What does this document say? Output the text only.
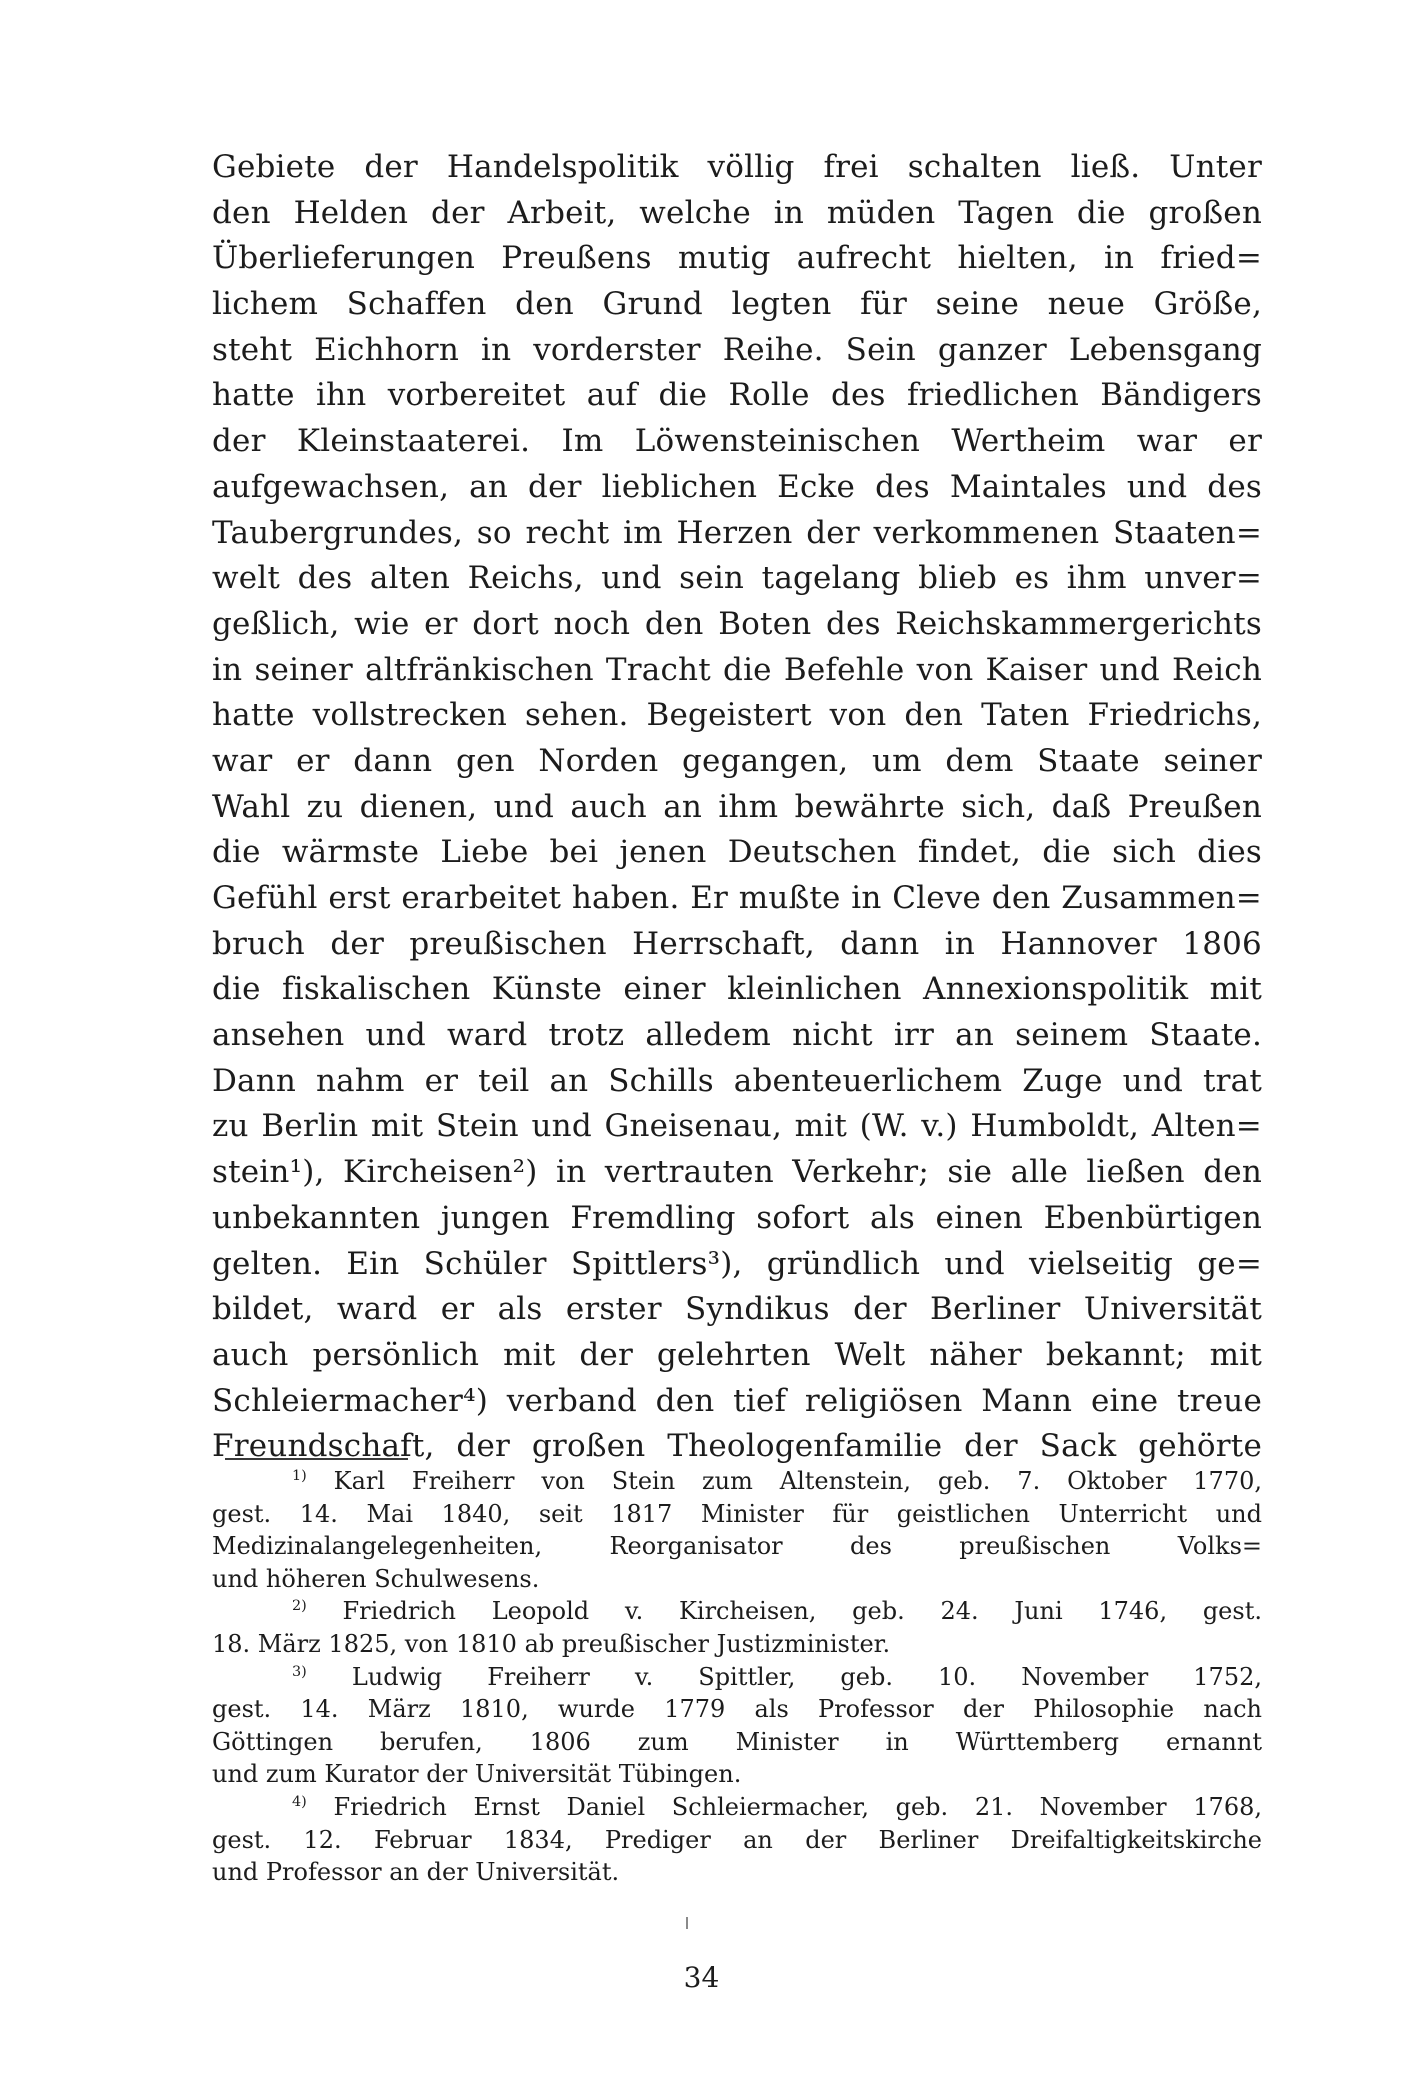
Gebiete der Handelspolitik völlig frei schalten ließ. Unter
den Helden der Arbeit, welche in müden Tagen die großen
Überlieferungen Preußens mutig aufrecht hielten, in fried=
lichem Schaffen den Grund legten für seine neue Größe,
steht Eichhorn in vorderster Reihe. Sein ganzer Lebensgang
hatte ihn vorbereitet auf die Rolle des friedlichen Bändigers
der Kleinstaaterei. Im Löwensteinischen Wertheim war er
aufgewachsen, an der lieblichen Ecke des Maintales und des
Taubergrundes, so recht im Herzen der verkommenen Staaten=
welt des alten Reichs, und sein tagelang blieb es ihm unver=
geßlich, wie er dort noch den Boten des Reichskammergerichts
in seiner altfränkischen Tracht die Befehle von Kaiser und Reich
hatte vollstrecken sehen. Begeistert von den Taten Friedrichs,
war er dann gen Norden gegangen, um dem Staate seiner
Wahl zu dienen, und auch an ihm bewährte sich, daß Preußen
die wärmste Liebe bei jenen Deutschen findet, die sich dies
Gefühl erst erarbeitet haben. Er mußte in Cleve den Zusammen=
bruch der preußischen Herrschaft, dann in Hannover 1806
die fiskalischen Künste einer kleinlichen Annexionspolitik mit
ansehen und ward trotz alledem nicht irr an seinem Staate.
Dann nahm er teil an Schills abenteuerlichem Zuge und trat
zu Berlin mit Stein und Gneisenau, mit (W. v.) Humboldt, Alten=
stein¹), Kircheisen²) in vertrauten Verkehr; sie alle ließen den
unbekannten jungen Fremdling sofort als einen Ebenbürtigen
gelten. Ein Schüler Spittlers³), gründlich und vielseitig ge=
bildet, ward er als erster Syndikus der Berliner Universität
auch persönlich mit der gelehrten Welt näher bekannt; mit
Schleiermacher⁴) verband den tief religiösen Mann eine treue
Freundschaft, der großen Theologenfamilie der Sack gehörte
$^{1)}$ Karl Freiherr von Stein zum Altenstein, geb. 7. Oktober 1770,
gest. 14. Mai 1840, seit 1817 Minister für geistlichen Unterricht und
Medizinalangelegenheiten, Reorganisator des preußischen Volks=
und höheren Schulwesens.
$^{2)}$ Friedrich Leopold v. Kircheisen, geb. 24. Juni 1746, gest.
18. März 1825, von 1810 ab preußischer Justizminister.
$^{3)}$ Ludwig Freiherr v. Spittler, geb. 10. November 1752,
gest. 14. März 1810, wurde 1779 als Professor der Philosophie nach
Göttingen berufen, 1806 zum Minister in Württemberg ernannt
und zum Kurator der Universität Tübingen.
$^{4)}$ Friedrich Ernst Daniel Schleiermacher, geb. 21. November 1768,
gest. 12. Februar 1834, Prediger an der Berliner Dreifaltigkeitskirche
und Professor an der Universität.
34
